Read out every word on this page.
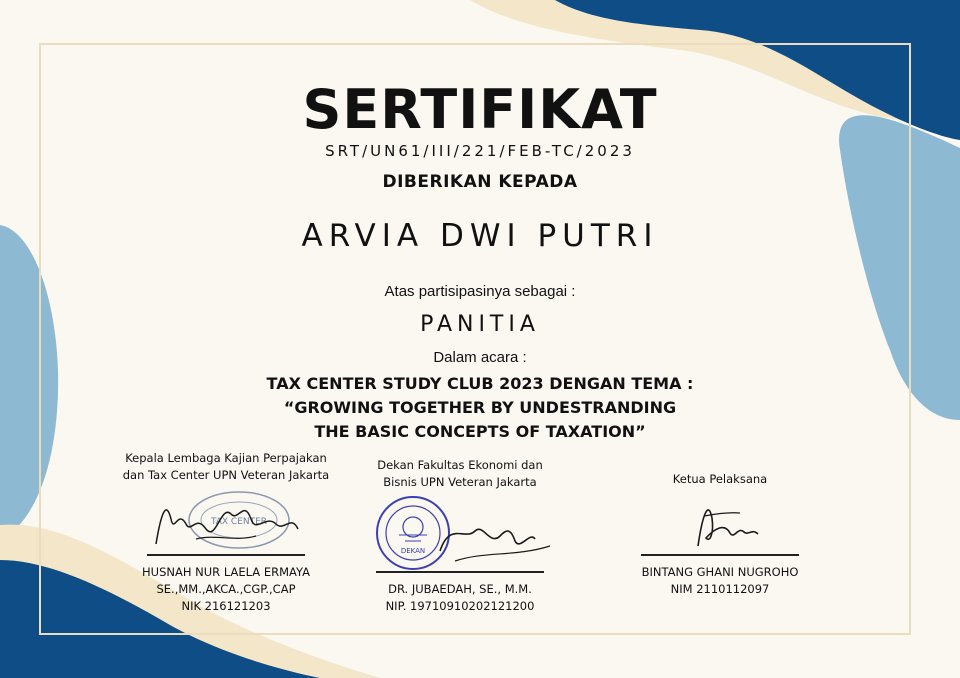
SERTIFIKAT
SRT/UN61/III/221/FEB-TC/2023
DIBERIKAN KEPADA
ARVIA DWI PUTRI
Atas partisipasinya sebagai :
PANITIA
Dalam acara :
TAX CENTER STUDY CLUB 2023 DENGAN TEMA :
“GROWING TOGETHER BY UNDESTRANDING
THE BASIC CONCEPTS OF TAXATION”
Kepala Lembaga Kajian Perpajakan
dan Tax Center UPN Veteran Jakarta
TAX CENTER
HUSNAH NUR LAELA ERMAYA
SE.,MM.,AKCA.,CGP.,CAP
NIK 216121203
Dekan Fakultas Ekonomi dan
Bisnis UPN Veteran Jakarta
DEKAN
DR. JUBAEDAH, SE., M.M.
NIP. 19710910202121200
Ketua Pelaksana
BINTANG GHANI NUGROHO
NIM 2110112097
